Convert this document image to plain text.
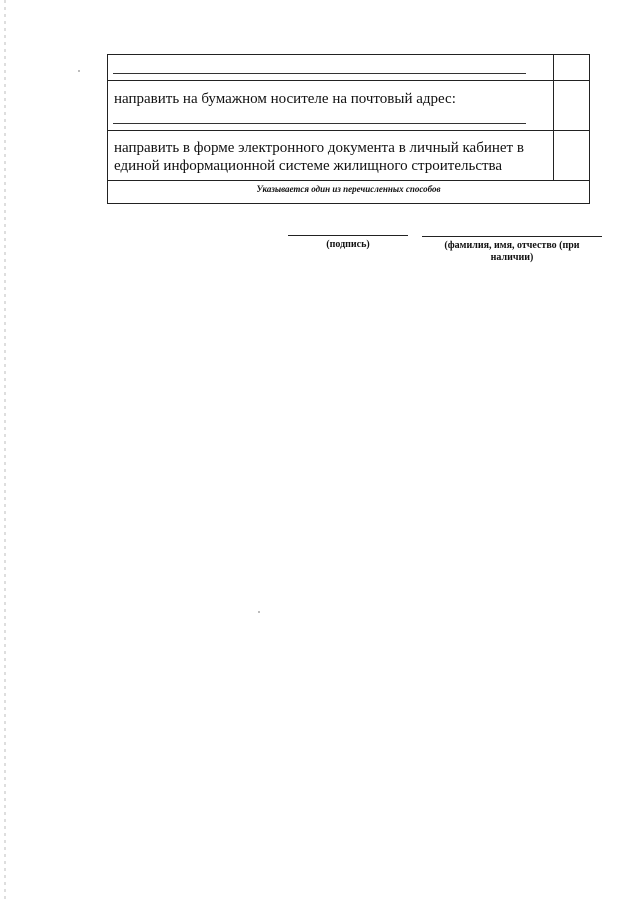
направить на бумажном носителе на почтовый адрес:
направить в форме электронного документа в личный кабинет в
единой информационной системе жилищного строительства
Указывается один из перечисленных способов
(подпись)	(фамилия, имя, отчество (при
наличии)
